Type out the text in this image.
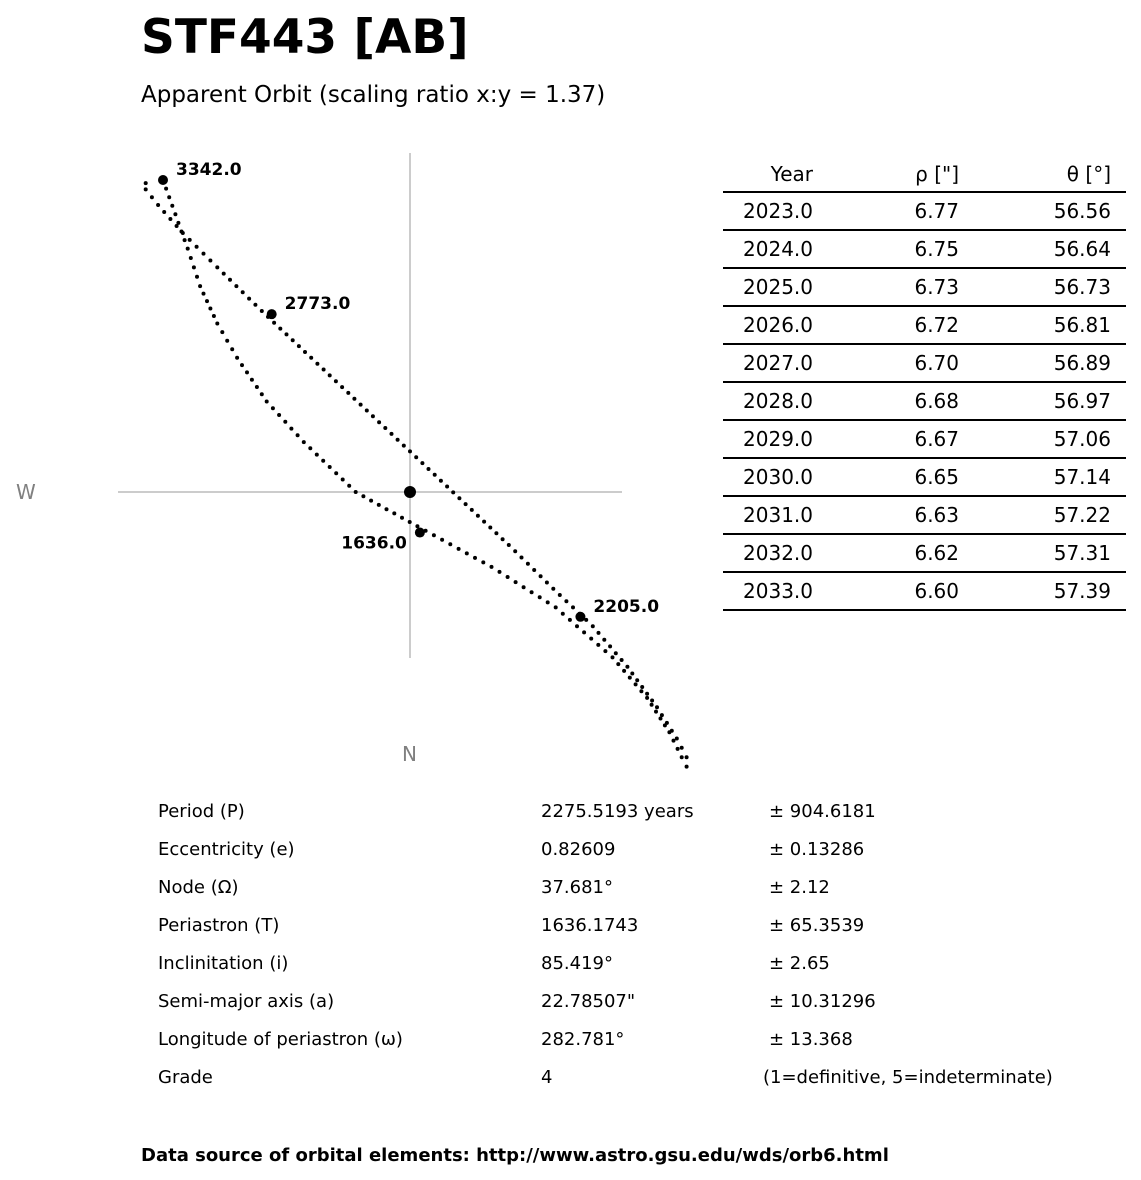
STF443 [AB]
Apparent Orbit (scaling ratio x:y = 1.37)
W
N
3342.0
2773.0
2205.0
1636.0
Year	ρ ["]	θ [°]
2023.0	6.77	56.56
2024.0	6.75	56.64
2025.0	6.73	56.73
2026.0	6.72	56.81
2027.0	6.70	56.89
2028.0	6.68	56.97
2029.0	6.67	57.06
2030.0	6.65	57.14
2031.0	6.63	57.22
2032.0	6.62	57.31
2033.0	6.60	57.39
Period (P)	2275.5193 years	± 904.6181
Eccentricity (e)	0.82609	± 0.13286
Node (Ω)	37.681°	± 2.12
Periastron (T)	1636.1743	± 65.3539
Inclinitation (i)	85.419°	± 2.65
Semi-major axis (a)	22.78507"	± 10.31296
Longitude of periastron (ω)	282.781°	± 13.368
Grade	4	(1=definitive, 5=indeterminate)
Data source of orbital elements: http://www.astro.gsu.edu/wds/orb6.html
